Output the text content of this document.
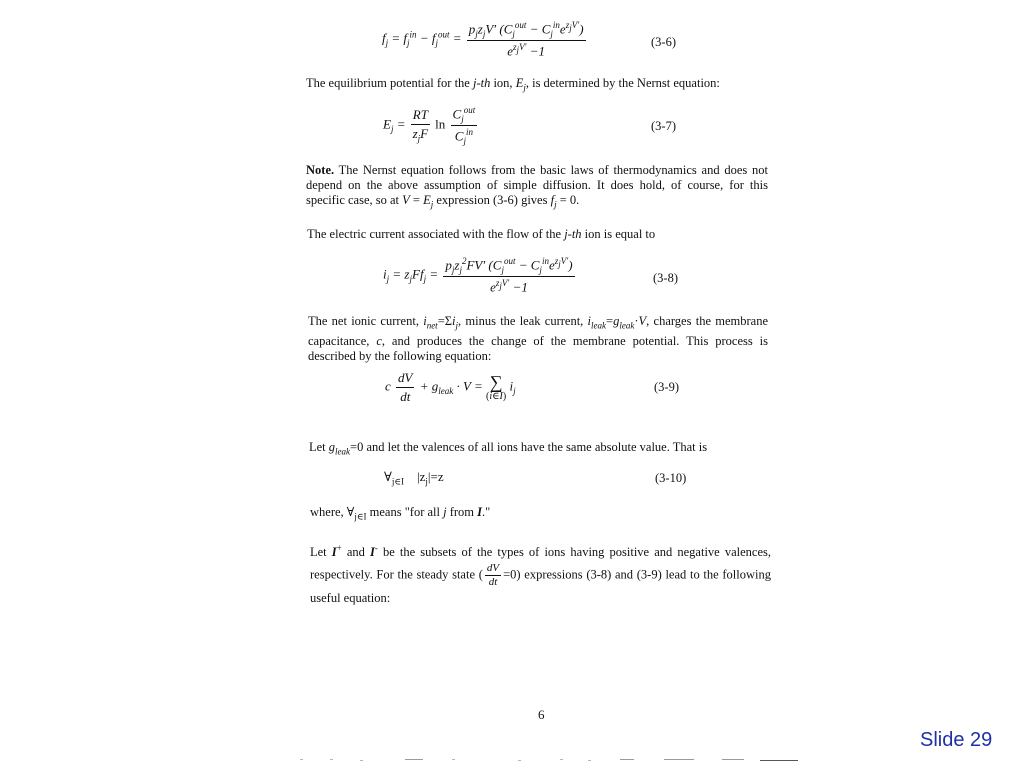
$f_j = f_j^{in} - f_j^{out} = \frac{p_jz_jV' (C_j^{out} - C_j^{in}e^{z_jV'})}{e^{z_jV'} -1}$	(3-6)
The equilibrium potential for the j-th ion, $E_j$, is determined by the Nernst equation:
$E_j = \frac{RT}{z_jF}$ $\ln \frac{C_j^{out}}{C_j^{in}}$	(3-7)
Note. The Nernst equation follows from the basic laws of thermodynamics and does not depend on the above assumption of simple diffusion. It does hold, of course, for this specific case, so at $V = E_j$ expression (3-6) gives $f_j = 0$.
The electric current associated with the flow of the j-th ion is equal to
$i_j = z_jFf_j = \frac{p_jz_j^2FV' (C_j^{out} - C_j^{in}e^{z_jV'})}{e^{z_jV'} -1}$	(3-8)
The net ionic current, $i_{net}=\Sigma i_j$, minus the leak current, $i_{leak}=g_{leak}\cdot V$, charges the membrane capacitance, c, and produces the change of the membrane potential. This process is described by the following equation:
c $\frac{dV}{dt} + g_{leak} \cdot V$ = ∑
(i∈I)
$i_j$	(3-9)
Let $g_{leak}=0$ and let the valences of all ions have the same absolute value. That is
$\forall_{j\in I}$    $|z_j|=z$	(3-10)
where, $\forall_{j\in I}$ means "for all j from I."
Let I+ and I- be the subsets of the types of ions having positive and negative valences, respectively. For the steady state ( $\frac{dV}{dt} =0$) expressions (3-8) and (3-9) lead to the following useful equation:
6
Slide 29
